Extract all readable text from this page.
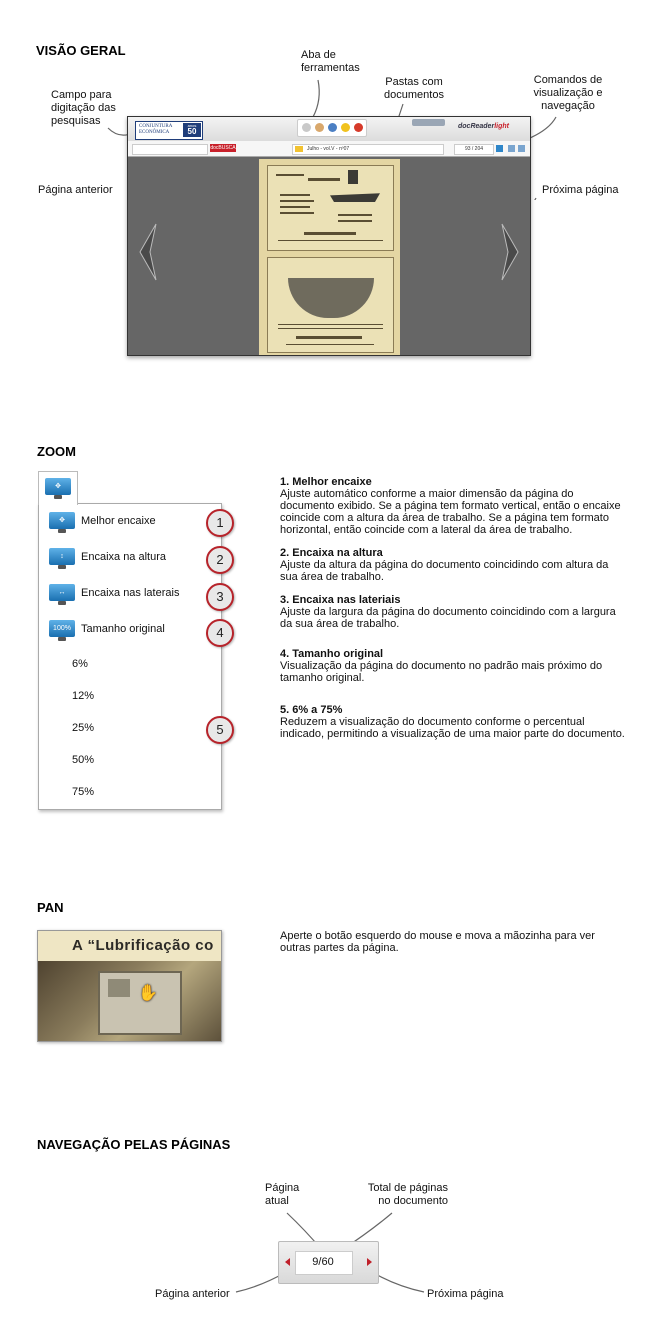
VISÃO GERAL	Aba de ferramentas
Campo para digitação das pesquisas
Pastas com documentos
Comandos de visualização e navegação
Página anterior	Próxima página
CONJUNTURA ECONÔMICA
anos
50
docReaderlight
docBUSCA	Julho - vol.V - nº07	93 / 204
ZOOM
✥
✥	Melhor encaixe
↕	Encaixa na altura
↔	Encaixa nas laterais
100% Tamanho original
6%
12%
25%
50%
75%
1
2
3
4
5
1. Melhor encaixe
Ajuste automático conforme a maior dimensão da página do documento exibido. Se a página tem formato vertical, então o encaixe coincide com a altura da área de trabalho. Se a página tem formato horizontal, então coincide com a lateral da área de trabalho.
2. Encaixa na altura
Ajuste da altura da página do documento coincidindo com altura da sua área de trabalho.
3. Encaixa nas lateriais
Ajuste da largura da página do documento coincidindo com a largura da sua área de trabalho.
4. Tamanho original
Visualização da página do documento no padrão mais próximo do tamanho original.
5. 6% a 75%
Reduzem a visualização do documento conforme o percentual indicado, permitindo a visualização de uma maior parte do documento.
PAN
A “Lubrificação co
✋
Aperte o botão esquerdo do mouse e mova a mãozinha para ver outras partes da página.
NAVEGAÇÃO PELAS PÁGINAS
Página atual
Total de páginas no documento
9/60
Página anterior	Próxima página
